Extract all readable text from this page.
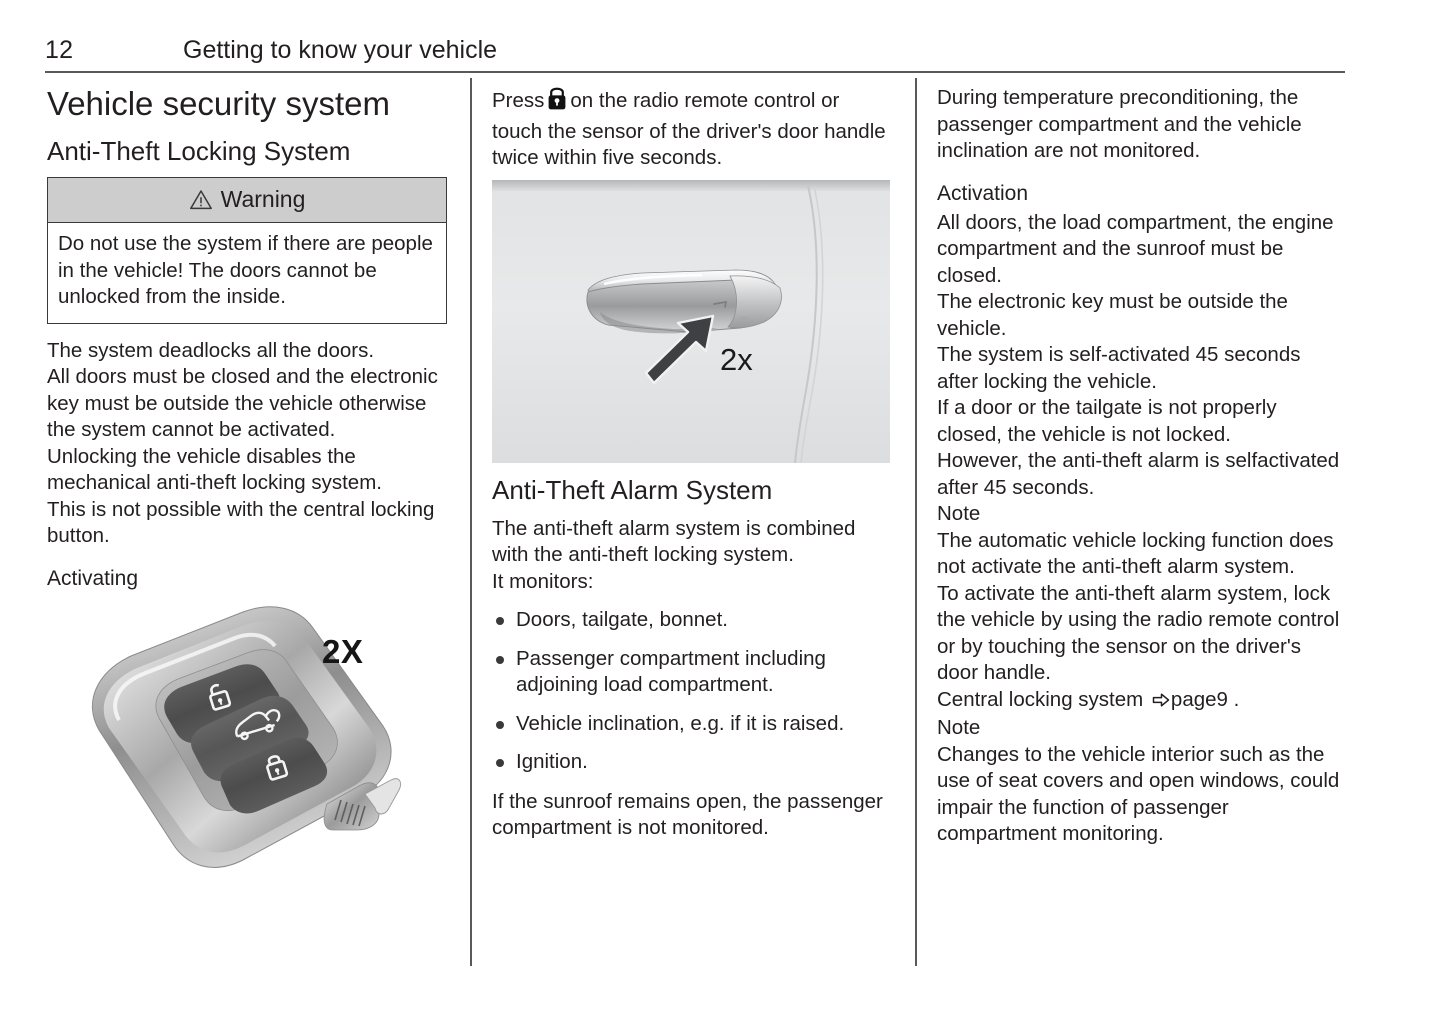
12	Getting to know your vehicle
Vehicle security system
Anti-Theft Locking System
Warning
Do not use the system if there are people in the vehicle! The doors cannot be unlocked from the inside.

The system deadlocks all the doors.

All doors must be closed and the electronic key must be outside the vehicle otherwise the system cannot be activated.

Unlocking the vehicle disables the mechanical anti-theft locking system.

This is not possible with the central locking button.

Activating
2X

Press on the radio remote control or touch the sensor of the driver's door handle twice within five seconds.

2x
Anti-Theft Alarm System

The anti-theft alarm system is combined with the anti-theft locking system.

It monitors:

Doors, tailgate, bonnet.
Passenger compartment including adjoining load compartment.
Vehicle inclination, e.g. if it is raised.
Ignition.

If the sunroof remains open, the passenger compartment is not monitored.

During temperature preconditioning, the passenger compartment and the vehicle inclination are not monitored.

Activation

All doors, the load compartment, the engine compartment and the sunroof must be closed.

The electronic key must be outside the vehicle.

The system is self-activated 45 seconds after locking the vehicle.

If a door or the tailgate is not properly closed, the vehicle is not locked.

However, the anti-theft alarm is selfactivated after 45 seconds.

Note

The automatic vehicle locking function does not activate the anti-theft alarm system.

To activate the anti-theft alarm system, lock the vehicle by using the radio remote control or by touching the sensor on the driver's door handle.

Central locking system page9 .

Note

Changes to the vehicle interior such as the use of seat covers and open windows, could impair the function of passenger compartment monitoring.
